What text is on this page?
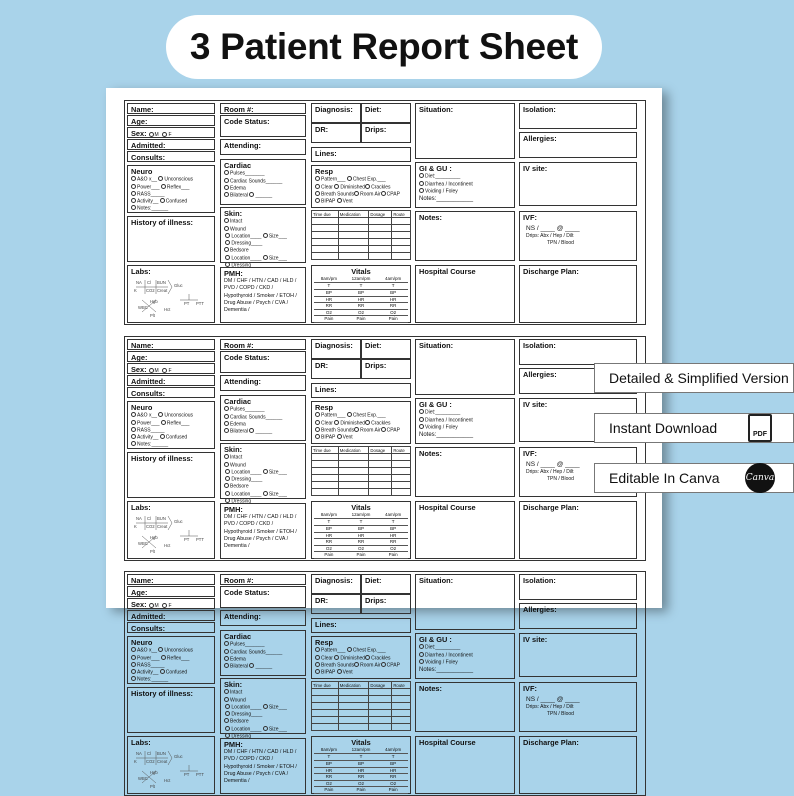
3 Patient Report Sheet
Name:
Age:
Sex: M F
Admitted:
Consults:
Neuro
A&O x__ Unconscious
Power___ Reflex___
RASS_____
Activity__ Confused
Notes:______
History of illness:
Labs:
NA Cl BUN
K CO2 Creat
Gluc
Hgb
WBC
PT PTT
Plt
Hct
Room #:
Code Status:
Attending:
Cardiac
Pulses_______
Cardiac Sounds______
Edema
Bilateral ______
Skin:
Intact
Wound
Location____ Size___
Dressing____
Bedsore
Location____ Size___
Dressing
PMH:
DM / CHF / HTN / CAD / HLD / PVD / COPD / CKD / Hypothyroid / Smoker / ETOH / Drug Abuse / Psych / CVA / Dementia /
Diagnosis:	Diet:
DR:	Drips:
Lines:
Resp
Pattern___ Chest Exp.___
Clear Diminished Crackles
Breath Sounds Room Air CPAP
BIPAP Vent
Time due	Medication	Dosage	Route

Vitals
8am/pm	12am/pm	4am/pm
T	T	T
BP	BP	BP
HR	HR	HR
RR	RR	RR
O2	O2	O2
Pain	Pain	Pain
Situation:
GI & GU :
Diet:_________
Diarrhea / Incontinent
Voiding / Foley
Notes:___________
Notes:
Hospital Course
Isolation:
Allergies:
IV site:
IVF:
NS / ____ @ ____
Drips: Abx / Hep / Dilt
TPN / Blood
Discharge Plan:
Name:
Age:
Sex: M F
Admitted:
Consults:
Neuro
A&O x__ Unconscious
Power___ Reflex___
RASS_____
Activity__ Confused
Notes:______
History of illness:
Labs:
NA Cl BUN
K CO2 Creat
Gluc
Hgb
WBC
PT PTT
Plt
Hct
Room #:
Code Status:
Attending:
Cardiac
Pulses_______
Cardiac Sounds______
Edema
Bilateral ______
Skin:
Intact
Wound
Location____ Size___
Dressing____
Bedsore
Location____ Size___
Dressing
PMH:
DM / CHF / HTN / CAD / HLD / PVD / COPD / CKD / Hypothyroid / Smoker / ETOH / Drug Abuse / Psych / CVA / Dementia /
Diagnosis:	Diet:
DR:	Drips:
Lines:
Resp
Pattern___ Chest Exp.___
Clear Diminished Crackles
Breath Sounds Room Air CPAP
BIPAP Vent
Time due	Medication	Dosage	Route

Vitals
8am/pm	12am/pm	4am/pm
T	T	T
BP	BP	BP
HR	HR	HR
RR	RR	RR
O2	O2	O2
Pain	Pain	Pain
Situation:
GI & GU :
Diet:_________
Diarrhea / Incontinent
Voiding / Foley
Notes:___________
Notes:
Hospital Course
Isolation:
Allergies:
IV site:
IVF:
NS / ____ @ ____
Drips: Abx / Hep / Dilt
TPN / Blood
Discharge Plan:
Name:
Age:
Sex: M F
Admitted:
Consults:
Neuro
A&O x__ Unconscious
Power___ Reflex___
RASS_____
Activity__ Confused
Notes:______
History of illness:
Labs:
NA Cl BUN
K CO2 Creat
Gluc
Hgb
WBC
PT PTT
Plt
Hct
Room #:
Code Status:
Attending:
Cardiac
Pulses_______
Cardiac Sounds______
Edema
Bilateral ______
Skin:
Intact
Wound
Location____ Size___
Dressing____
Bedsore
Location____ Size___
Dressing
PMH:
DM / CHF / HTN / CAD / HLD / PVD / COPD / CKD / Hypothyroid / Smoker / ETOH / Drug Abuse / Psych / CVA / Dementia /
Diagnosis:	Diet:
DR:	Drips:
Lines:
Resp
Pattern___ Chest Exp.___
Clear Diminished Crackles
Breath Sounds Room Air CPAP
BIPAP Vent
Time due	Medication	Dosage	Route

Vitals
8am/pm	12am/pm	4am/pm
T	T	T
BP	BP	BP
HR	HR	HR
RR	RR	RR
O2	O2	O2
Pain	Pain	Pain
Situation:
GI & GU :
Diet:_________
Diarrhea / Incontinent
Voiding / Foley
Notes:___________
Notes:
Hospital Course
Isolation:
Allergies:
IV site:
IVF:
NS / ____ @ ____
Drips: Abx / Hep / Dilt
TPN / Blood
Discharge Plan:
Detailed & Simplified Version
Instant Download	PDF
Editable In Canva	Canva
